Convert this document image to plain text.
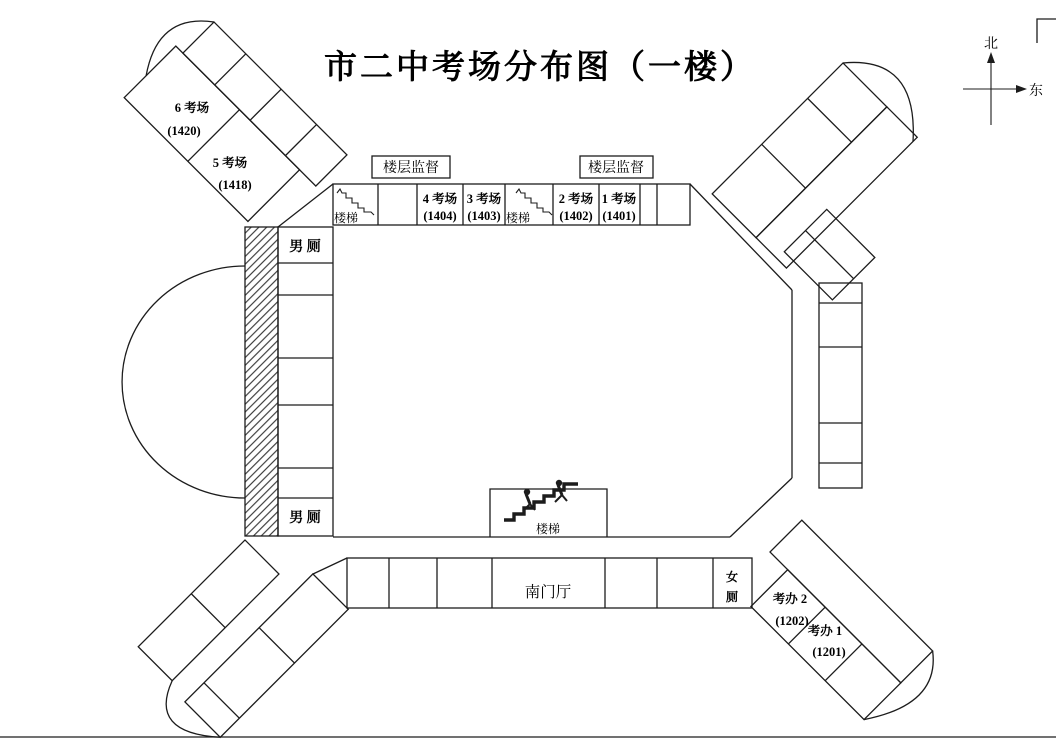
市二中考场分布图（一楼）
北
东
6 考场
(1420)
5 考场
(1418)
考办 2
(1202)
考办 1
(1201)
楼层监督	楼层监督
楼梯	楼梯
4 考场
(1404)
3 考场
(1403)
2 考场
(1402)
1 考场
(1401)
男 厕
男 厕
楼梯
南门厅
女
厕
